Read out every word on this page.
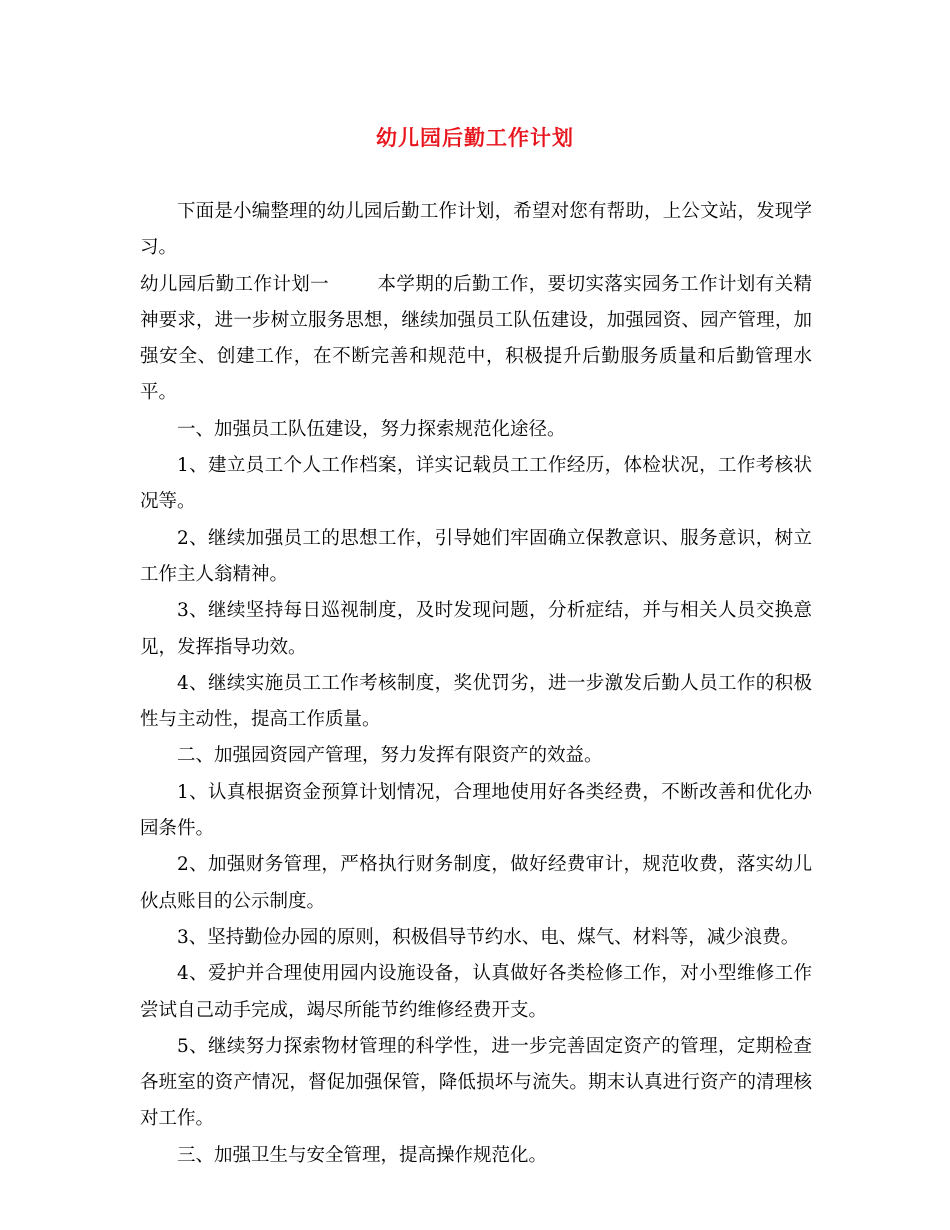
幼儿园后勤工作计划

下面是小编整理的幼儿园后勤工作计划，希望对您有帮助，上公文站，发现学习。

幼儿园后勤工作计划一	本学期的后勤工作，要切实落实园务工作计划有关精神要求，进一步树立服务思想，继续加强员工队伍建设，加强园资、园产管理，加强安全、创建工作，在不断完善和规范中，积极提升后勤服务质量和后勤管理水平。

一、加强员工队伍建设，努力探索规范化途径。

1、建立员工个人工作档案，详实记载员工工作经历，体检状况，工作考核状况等。

2、继续加强员工的思想工作，引导她们牢固确立保教意识、服务意识，树立工作主人翁精神。

3、继续坚持每日巡视制度，及时发现问题，分析症结，并与相关人员交换意见，发挥指导功效。

4、继续实施员工工作考核制度，奖优罚劣，进一步激发后勤人员工作的积极性与主动性，提高工作质量。

二、加强园资园产管理，努力发挥有限资产的效益。

1、认真根据资金预算计划情况，合理地使用好各类经费，不断改善和优化办园条件。

2、加强财务管理，严格执行财务制度，做好经费审计，规范收费，落实幼儿伙点账目的公示制度。

3、坚持勤俭办园的原则，积极倡导节约水、电、煤气、材料等，减少浪费。

4、爱护并合理使用园内设施设备，认真做好各类检修工作，对小型维修工作尝试自己动手完成，竭尽所能节约维修经费开支。

5、继续努力探索物材管理的科学性，进一步完善固定资产的管理，定期检查各班室的资产情况，督促加强保管，降低损坏与流失。期末认真进行资产的清理核对工作。

三、加强卫生与安全管理，提高操作规范化。
